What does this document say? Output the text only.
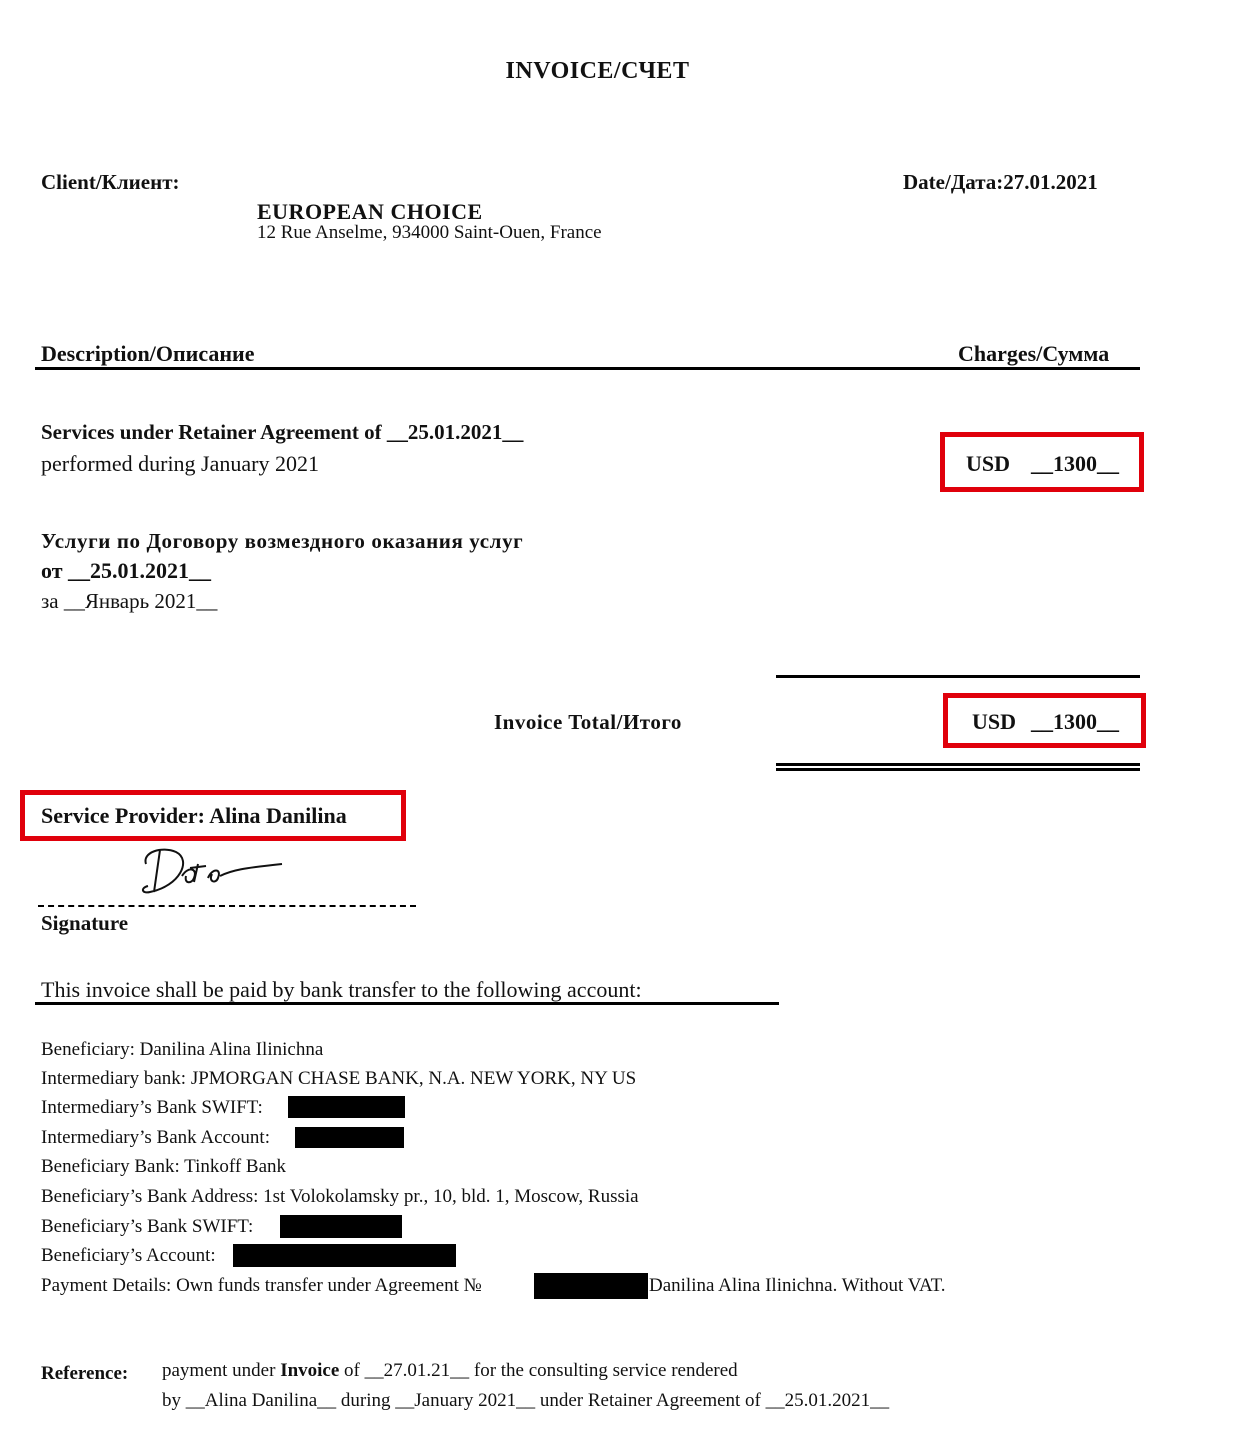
INVOICE/СЧЕТ
Client/Клиент:	Date/Дата:27.01.2021
EUROPEAN CHOICE
12 Rue Anselme, 934000 Saint-Ouen, France
Description/Описание	Charges/Сумма
Services under Retainer Agreement of __25.01.2021__
performed during January 2021	USD __1300__
Услуги по Договору возмездного оказания услуг
от __25.01.2021__
за __Январь 2021__
Invoice Total/Итого	USD __1300__
Service Provider: Alina Danilina
Signature
This invoice shall be paid by bank transfer to the following account:
Beneficiary: Danilina Alina Ilinichna
Intermediary bank: JPMORGAN CHASE BANK, N.A. NEW YORK, NY US
Intermediary’s Bank SWIFT:
Intermediary’s Bank Account:
Beneficiary Bank: Tinkoff Bank
Beneficiary’s Bank Address: 1st Volokolamsky pr., 10, bld. 1, Moscow, Russia
Beneficiary’s Bank SWIFT:
Beneficiary’s Account:
Payment Details: Own funds transfer under Agreement №	Danilina Alina Ilinichna. Without VAT.
Reference: payment under Invoice of __27.01.21__ for the consulting service rendered
by __Alina Danilina__ during __January 2021__ under Retainer Agreement of __25.01.2021__
